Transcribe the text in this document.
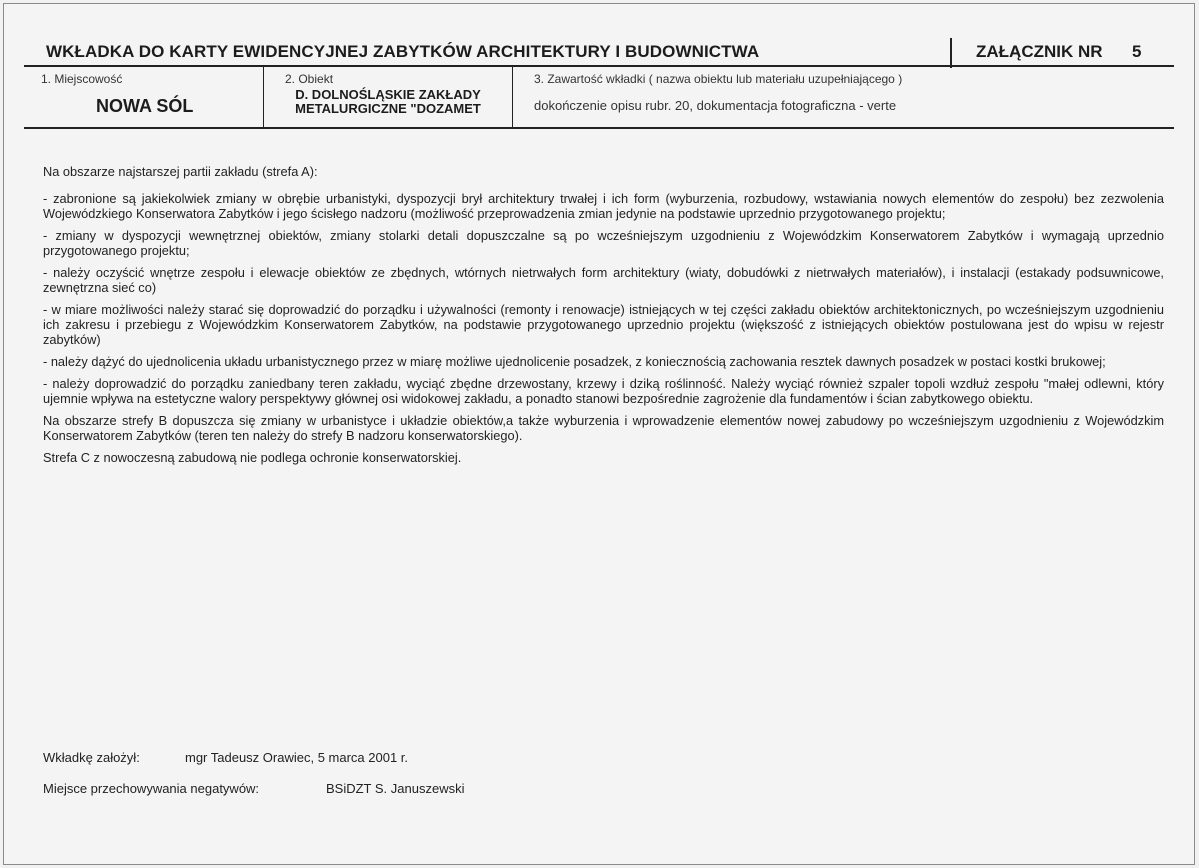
WKŁADKA DO KARTY EWIDENCYJNEJ ZABYTKÓW ARCHITEKTURY I BUDOWNICTWA	ZAŁĄCZNIK NR 5
1. Miejscowość
NOWA SÓL
2. Obiekt
D. DOLNOŚLĄSKIE ZAKŁADY
METALURGICZNE "DOZAMET
3. Zawartość wkładki ( nazwa obiektu lub materiału uzupełniającego )
dokończenie opisu rubr. 20, dokumentacja fotograficzna - verte

Na obszarze najstarszej partii zakładu (strefa A):

- zabronione są jakiekolwiek zmiany w obrębie urbanistyki, dyspozycji brył architektury trwałej i ich form (wyburzenia, rozbudowy, wstawiania nowych elementów do zespołu) bez zezwolenia Wojewódzkiego Konserwatora Zabytków i jego ścisłego nadzoru (możliwość przeprowadzenia zmian jedynie na podstawie uprzednio przygotowanego projektu;

- zmiany w dyspozycji wewnętrznej obiektów, zmiany stolarki detali dopuszczalne są po wcześniejszym uzgodnieniu z Wojewódzkim Konserwatorem Zabytków i wymagają uprzednio przygotowanego projektu;

- należy oczyścić wnętrze zespołu i elewacje obiektów ze zbędnych, wtórnych nietrwałych form architektury (wiaty, dobudówki z nietrwałych materiałów), i instalacji (estakady podsuwnicowe, zewnętrzna sieć co)

- w miare możliwości należy starać się doprowadzić do porządku i używalności (remonty i renowacje) istniejących w tej części zakładu obiektów architektonicznych, po wcześniejszym uzgodnieniu ich zakresu i przebiegu z Wojewódzkim Konserwatorem Zabytków, na podstawie przygotowanego uprzednio projektu (większość z istniejących obiektów postulowana jest do wpisu w rejestr zabytków)

- należy dążyć do ujednolicenia układu urbanistycznego przez w miarę możliwe ujednolicenie posadzek, z koniecznością zachowania resztek dawnych posadzek w postaci kostki brukowej;

- należy doprowadzić do porządku zaniedbany teren zakładu, wyciąć zbędne drzewostany, krzewy i dziką roślinność. Należy wyciąć również szpaler topoli wzdłuż zespołu "małej odlewni, który ujemnie wpływa na estetyczne walory perspektywy głównej osi widokowej zakładu, a ponadto stanowi bezpośrednie zagrożenie dla fundamentów i ścian zabytkowego obiektu.

Na obszarze strefy B dopuszcza się zmiany w urbanistyce i układzie obiektów,a także wyburzenia i wprowadzenie elementów nowej zabudowy po wcześniejszym uzgodnieniu z Wojewódzkim Konserwatorem Zabytków (teren ten należy do strefy B nadzoru konserwatorskiego).

Strefa C z nowoczesną zabudową nie podlega ochronie konserwatorskiej.

Wkładkę założył:	mgr Tadeusz Orawiec, 5 marca 2001 r.
Miejsce przechowywania negatywów:	BSiDZT S. Januszewski
